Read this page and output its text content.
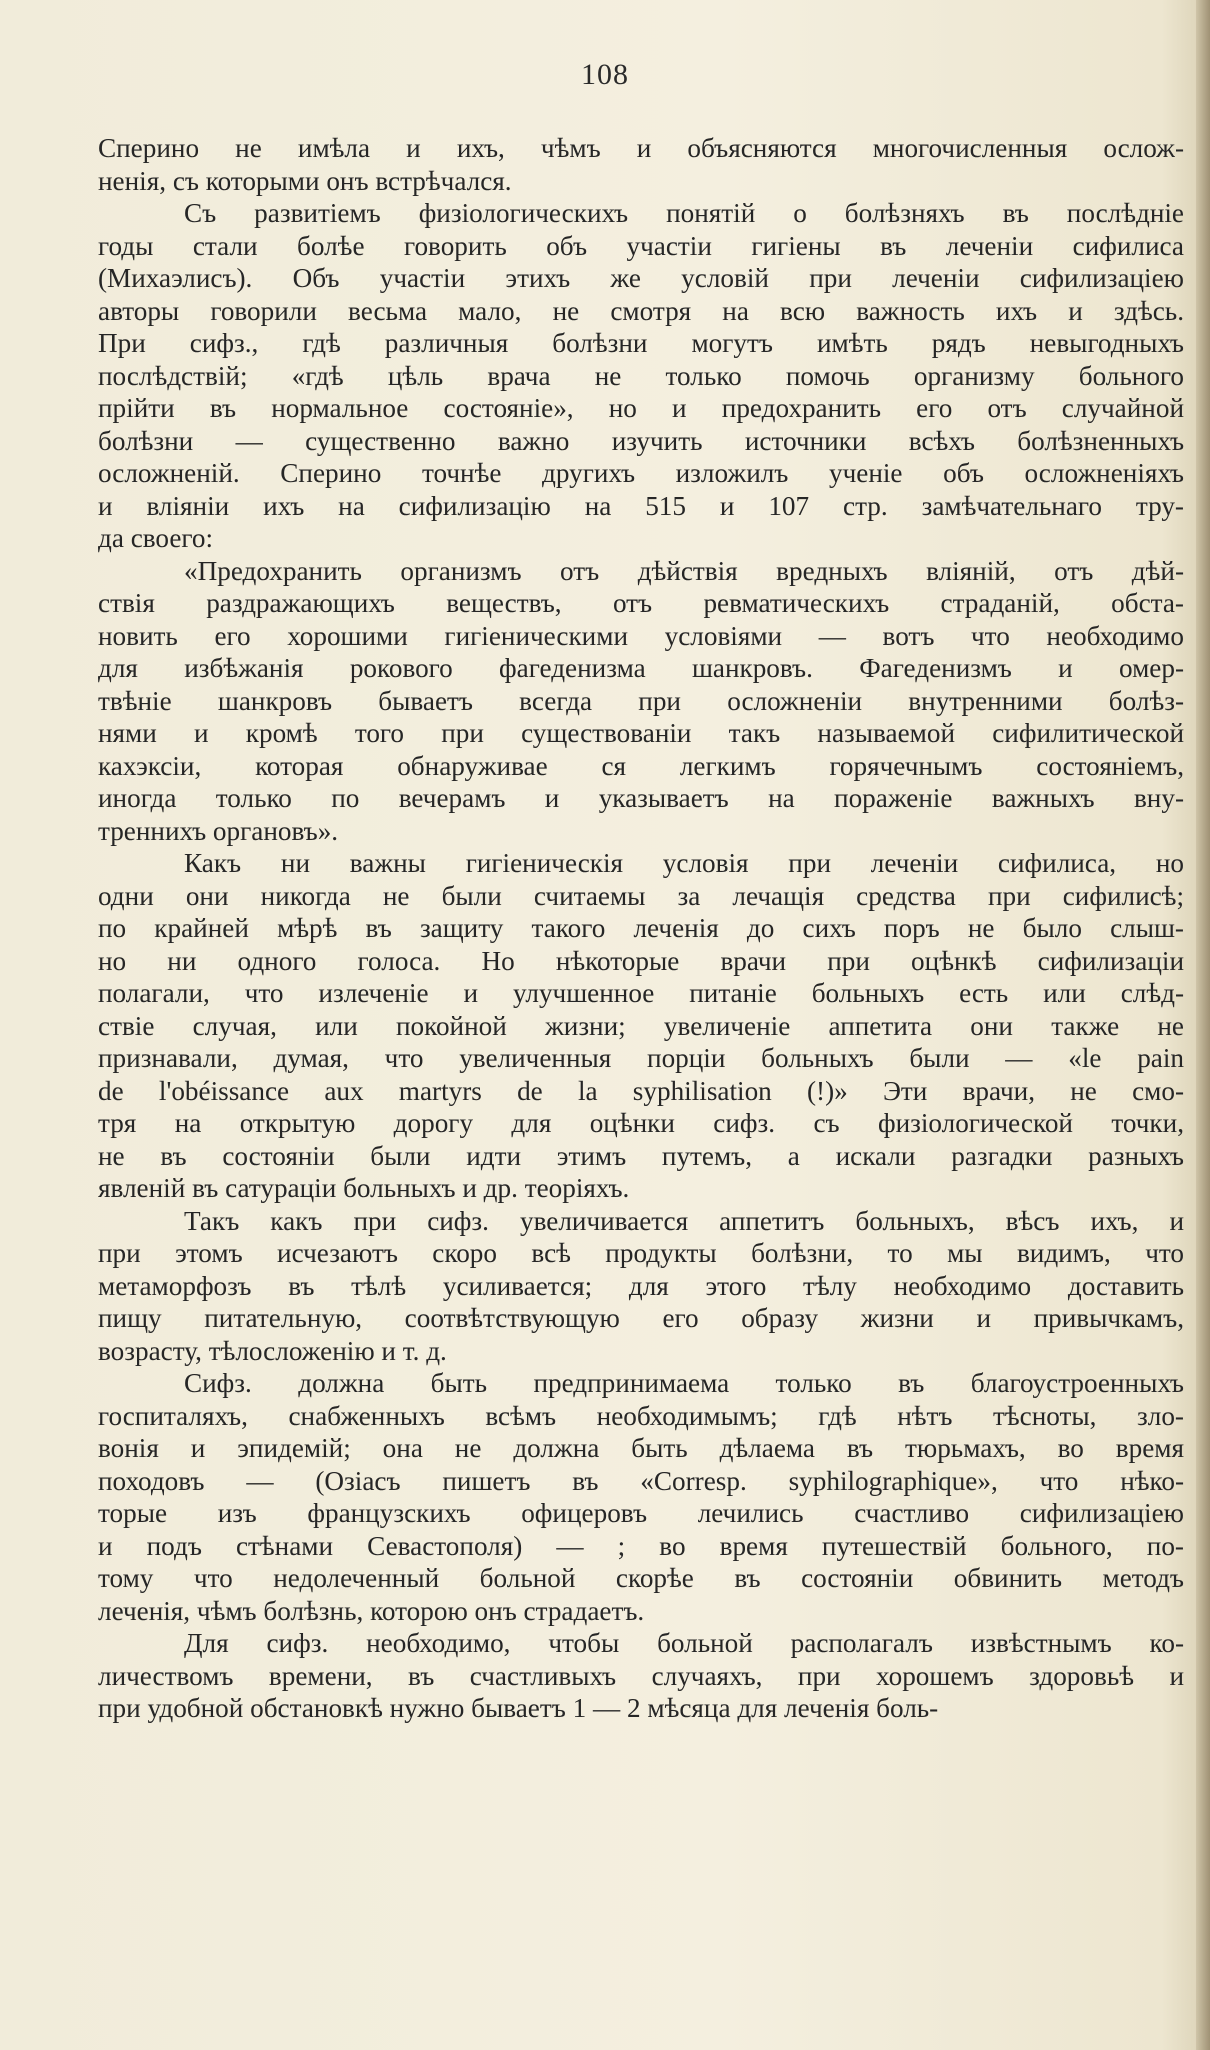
108
Сперино не имѣла и ихъ, чѣмъ и объясняются многочисленныя ослож-
ненія, съ которыми онъ встрѣчался.
Съ развитіемъ физіологическихъ понятій о болѣзняхъ въ послѣдніе
годы стали болѣе говорить объ участіи гигіены въ леченіи сифилиса
(Михаэлисъ). Объ участіи этихъ же условій при леченіи сифилизаціею
авторы говорили весьма мало, не смотря на всю важность ихъ и здѣсь.
При сифз., гдѣ различныя болѣзни могутъ имѣть рядъ невыгодныхъ
послѣдствій; «гдѣ цѣль врача не только помочь организму больного
прійти въ нормальное состояніе», но и предохранить его отъ случайной
болѣзни — существенно важно изучить источники всѣхъ болѣзненныхъ
осложненій. Сперино точнѣе другихъ изложилъ ученіе объ осложненіяхъ
и вліяніи ихъ на сифилизацію на 515 и 107 стр. замѣчательнаго тру-
да своего:
«Предохранить организмъ отъ дѣйствія вредныхъ вліяній, отъ дѣй-
ствія раздражающихъ веществъ, отъ ревматическихъ страданій, обста-
новить его хорошими гигіеническими условіями — вотъ что необходимо
для избѣжанія рокового фагеденизма шанкровъ. Фагеденизмъ и омер-
твѣніе шанкровъ бываетъ всегда при осложненіи внутренними болѣз-
нями и кромѣ того при существованіи такъ называемой сифилитической
кахэксіи, которая обнаруживае ся легкимъ горячечнымъ состояніемъ,
иногда только по вечерамъ и указываетъ на пораженіе важныхъ вну-
треннихъ органовъ».
Какъ ни важны гигіеническія условія при леченіи сифилиса, но
одни они никогда не были считаемы за лечащія средства при сифилисѣ;
по крайней мѣрѣ въ защиту такого леченія до сихъ поръ не было слыш-
но ни одного голоса. Но нѣкоторые врачи при оцѣнкѣ сифилизаціи
полагали, что излеченіе и улучшенное питаніе больныхъ есть или слѣд-
ствіе случая, или покойной жизни; увеличеніе аппетита они также не
признавали, думая, что увеличенныя порціи больныхъ были — «le pain
de l'obéissance aux martyrs de la syphilisation (!)» Эти врачи, не смо-
тря на открытую дорогу для оцѣнки сифз. съ физіологической точки,
не въ состояніи были идти этимъ путемъ, а искали разгадки разныхъ
явленій въ сатураціи больныхъ и др. теоріяхъ.
Такъ какъ при сифз. увеличивается аппетитъ больныхъ, вѣсъ ихъ, и
при этомъ исчезаютъ скоро всѣ продукты болѣзни, то мы видимъ, что
метаморфозъ въ тѣлѣ усиливается; для этого тѣлу необходимо доставить
пищу питательную, соотвѣтствующую его образу жизни и привычкамъ,
возрасту, тѣлосложенію и т. д.
Сифз. должна быть предпринимаема только въ благоустроенныхъ
госпиталяхъ, снабженныхъ всѣмъ необходимымъ; гдѣ нѣтъ тѣсноты, зло-
вонія и эпидемій; она не должна быть дѣлаема въ тюрьмахъ, во время
походовъ — (Озіасъ пишетъ въ «Corresp. syphilographique», что нѣко-
торые изъ французскихъ офицеровъ лечились счастливо сифилизаціею
и подъ стѣнами Севастополя) — ; во время путешествій больного, по-
тому что недолеченный больной скорѣе въ состояніи обвинить методъ
леченія, чѣмъ болѣзнь, которою онъ страдаетъ.
Для сифз. необходимо, чтобы больной располагалъ извѣстнымъ ко-
личествомъ времени, въ счастливыхъ случаяхъ, при хорошемъ здоровьѣ и
при удобной обстановкѣ нужно бываетъ 1 — 2 мѣсяца для леченія боль-
